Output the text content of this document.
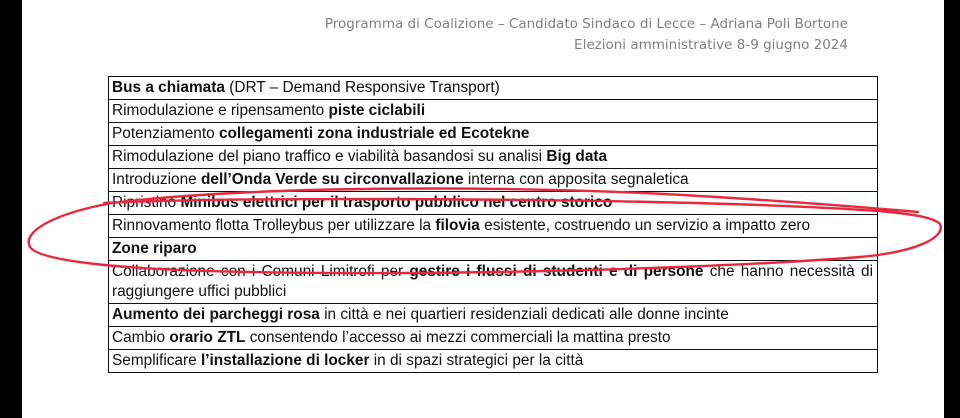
Programma di Coalizione – Candidato Sindaco di Lecce – Adriana Poli Bortone
Elezioni amministrative 8-9 giugno 2024
Bus a chiamata (DRT – Demand Responsive Transport)
Rimodulazione e ripensamento piste ciclabili
Potenziamento collegamenti zona industriale ed Ecotekne
Rimodulazione del piano traffico e viabilità basandosi su analisi Big data
Introduzione dell’Onda Verde su circonvallazione interna con apposita segnaletica
Ripristino Minibus elettrici per il trasporto pubblico nel centro storico
Rinnovamento flotta Trolleybus per utilizzare la filovia esistente, costruendo un servizio a impatto zero
Zone riparo
Collaborazione con i Comuni Limitrofi per gestire i flussi di studenti e di persone che hanno necessità di raggiungere uffici pubblici
Aumento dei parcheggi rosa in città e nei quartieri residenziali dedicati alle donne incinte
Cambio orario ZTL consentendo l’accesso ai mezzi commerciali la mattina presto
Semplificare l’installazione di locker in di spazi strategici per la città
